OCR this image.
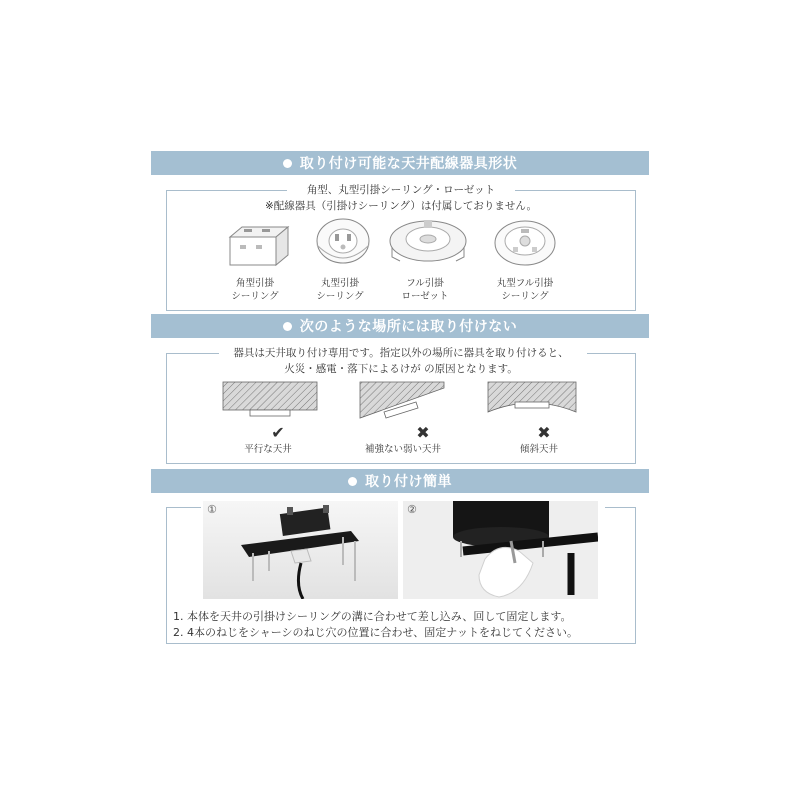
取り付け可能な天井配線器具形状
角型、丸型引掛シーリング・ローゼット
※配線器具（引掛けシーリング）は付属しておりません。
角型引掛
シーリング
丸型引掛
シーリング
フル引掛
ローゼット
丸型フル引掛
シーリング
次のような場所には取り付けない
器具は天井取り付け専用です。指定以外の場所に器具を取り付けると、
火災・感電・落下によるけが の原因となります。
✔	✖	✖
平行な天井	補強ない弱い天井	傾斜天井
取り付け簡単
①	②
1. 本体を天井の引掛けシーリングの溝に合わせて差し込み、回して固定します。
2. 4本のねじをシャーシのねじ穴の位置に合わせ、固定ナットをねじてください。
